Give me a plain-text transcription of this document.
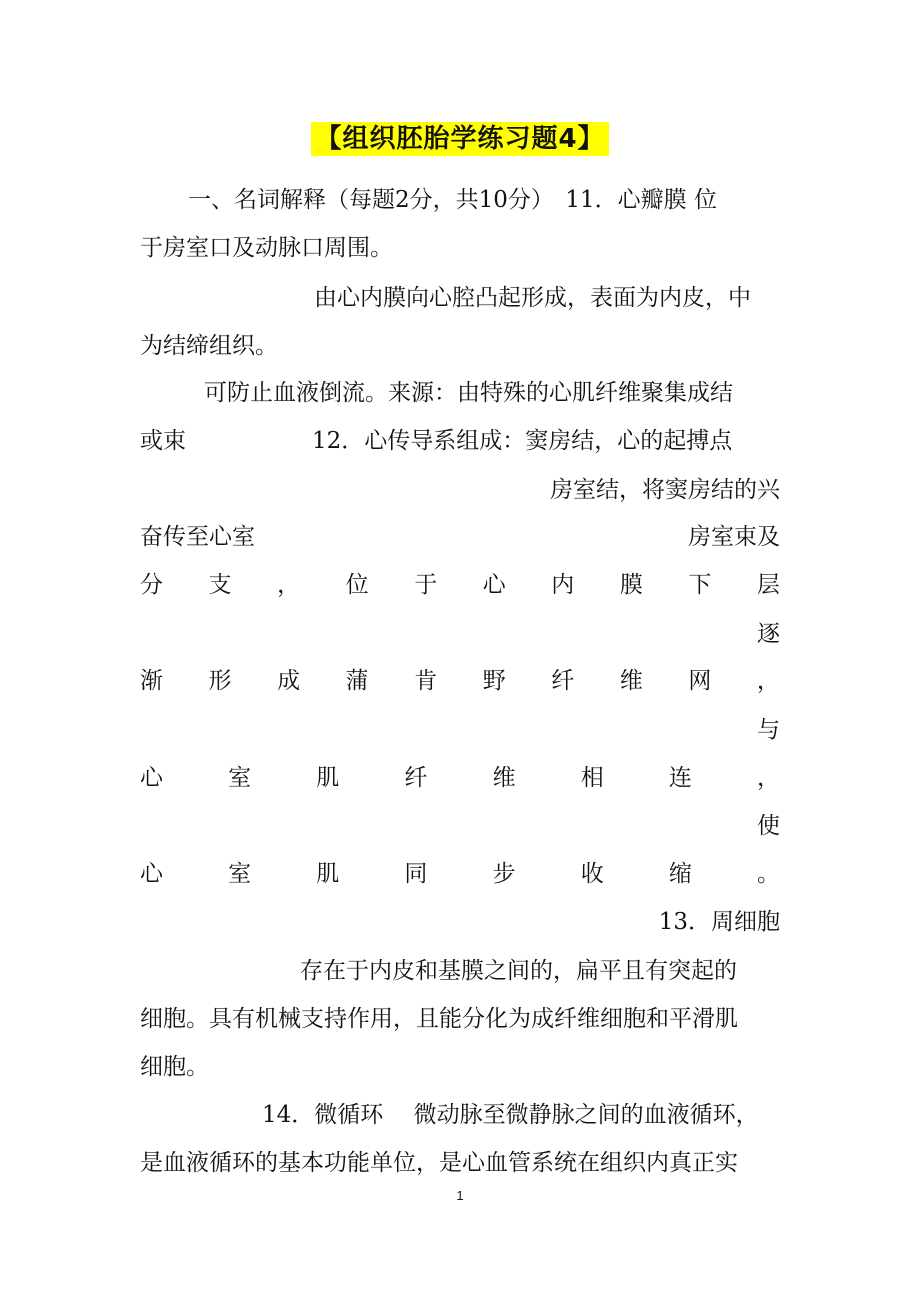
【组织胚胎学练习题4】
一、名词解释（每题2分，共10分）　11．心瓣膜 位
于房室口及动脉口周围。
由心内膜向心腔凸起形成，表面为内皮，中
为结缔组织。
可防止血液倒流。来源：由特殊的心肌纤维聚集成结
或束	12．心传导系组成：窦房结，心的起搏点
房室结，将窦房结的兴
奋传至心室	房室束及
分 支 ， 位 于 心 内 膜 下 层
逐
渐 形 成 蒲 肯 野 纤 维 网 ，
与
心	室	肌	纤	维	相	连	，
使
心	室	肌	同	步	收	缩	。
13．周细胞
存在于内皮和基膜之间的，扁平且有突起的
细胞。具有机械支持作用，且能分化为成纤维细胞和平滑肌
细胞。
14．微循环　 微动脉至微静脉之间的血液循环，
是血液循环的基本功能单位，是心血管系统在组织内真正实
1
